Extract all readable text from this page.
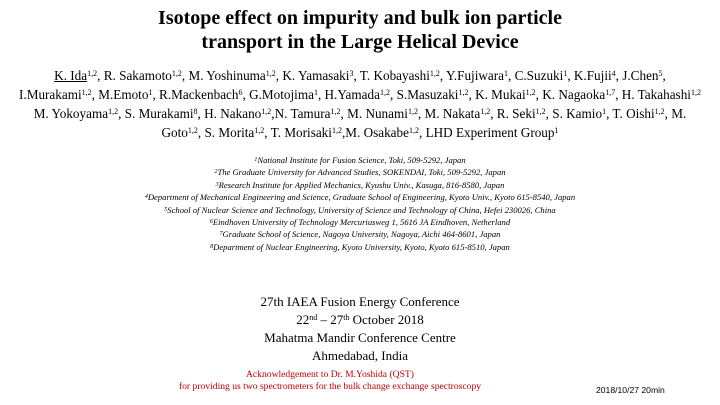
Isotope effect on impurity and bulk ion particle
transport in the Large Helical Device
K. Ida$^{1,2}$, R. Sakamoto$^{1,2}$, M. Yoshinuma$^{1,2}$, K. Yamasaki$^3$, T. Kobayashi$^{1,2}$, Y.Fujiwara$^1$, C.Suzuki$^1$, K.Fujii$^4$, J.Chen$^5$, I.Murakami$^{1,2}$, M.Emoto$^1$, R.Mackenbach$^6$, G.Motojima$^1$, H.Yamada$^{1,2}$, S.Masuzaki$^{1,2}$, K. Mukai$^{1,2}$, K. Nagaoka$^{1,7}$, H. Takahashi$^{1,2}$ M. Yokoyama$^{1,2}$, S. Murakami$^8$, H. Nakano$^{1,2}$,N. Tamura$^{1,2}$, M. Nunami$^{1,2}$, M. Nakata$^{1,2}$, R. Seki$^{1,2}$, S. Kamio$^1$, T. Oishi$^{1,2}$, M. Goto$^{1,2}$, S. Morita$^{1,2}$, T. Morisaki$^{1,2}$,M. Osakabe$^{1,2}$, LHD Experiment Group$^1$
$^1$National Institute for Fusion Science, Toki, 509-5292, Japan
$^2$The Graduate University for Advanced Studies, SOKENDAI, Toki, 509-5292, Japan
$^3$Research Institute for Applied Mechanics, Kyushu Univ., Kasuga, 816-8580, Japan
$^4$Department of Mechanical Engineering and Science, Graduate School of Engineering, Kyoto Univ., Kyoto 615-8540, Japan
$^5$School of Nuclear Science and Technology, University of Science and Technology of China, Hefei 230026, China
$^6$Eindhoven University of Technology Mercuriusweg 1, 5616 JA Eindhoven, Netherland
$^7$Graduate School of Science, Nagoya University, Nagoya, Aichi 464-8601, Japan
$^8$Department of Nuclear Engineering, Kyoto University, Kyoto, Kyoto 615-8510, Japan
27th IAEA Fusion Energy Conference
22nd – 27th October 2018
Mahatma Mandir Conference Centre
Ahmedabad, India
Acknowledgement to Dr. M.Yoshida (QST)
for providing us two spectrometers for the bulk change exchange spectroscopy	2018/10/27 20min
